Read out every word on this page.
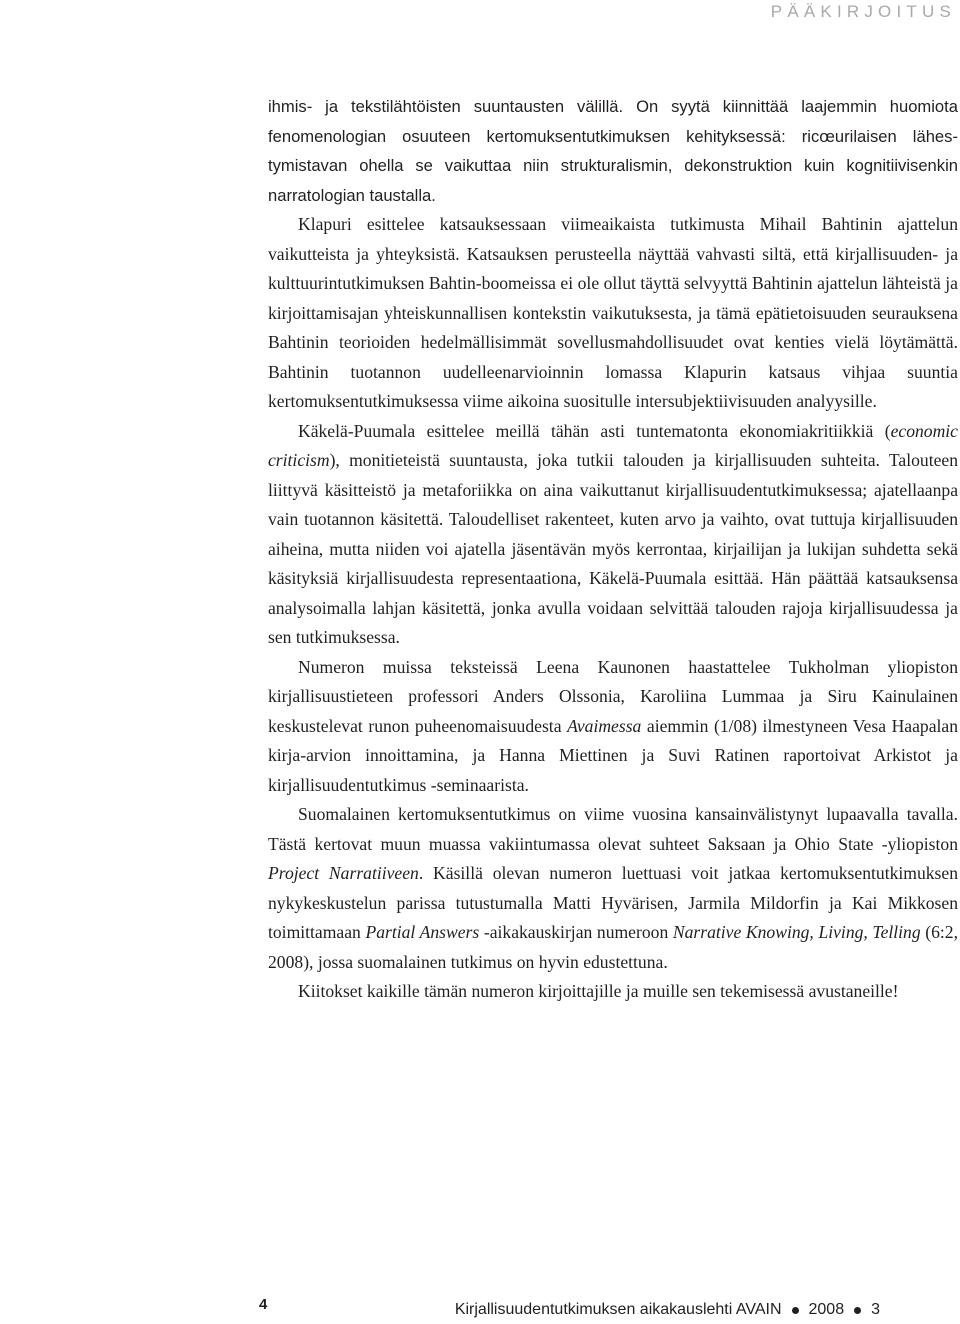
PÄÄKIRJOITUS

ihmis- ja tekstilähtöisten suuntausten välillä. On syytä kiinnittää laajemmin huomiota fenomenologian osuuteen kertomuksentutkimuksen kehityksessä: ricœurilaisen lähestymistavan ohella se vaikuttaa niin strukturalismin, dekonstruktion kuin kognitiivisenkin narratologian taustalla.

Klapuri esittelee katsauksessaan viimeaikaista tutkimusta Mihail Bahtinin ajattelun vaikutteista ja yhteyksistä. Katsauksen perusteella näyttää vahvasti siltä, että kirjallisuuden- ja kulttuurintutkimuksen Bahtin-boomeissa ei ole ollut täyttä selvyyttä Bahtinin ajattelun lähteistä ja kirjoittamisajan yhteiskunnallisen kontekstin vaikutuksesta, ja tämä epätietoisuuden seurauksena Bahtinin teorioiden hedelmällisimmät sovellusmahdollisuudet ovat kenties vielä löytämättä. Bahtinin tuotannon uudelleenarvioinnin lomassa Klapurin katsaus vihjaa suuntia kertomuksentutkimuksessa viime aikoina suositulle intersubjektiivisuuden analyysille.

Käkelä-Puumala esittelee meillä tähän asti tuntematonta ekonomiakritiikkiä (economic criticism), monitieteistä suuntausta, joka tutkii talouden ja kirjallisuuden suhteita. Talouteen liittyvä käsitteistö ja metaforiikka on aina vaikuttanut kirjallisuudentutkimuksessa; ajatellaanpa vain tuotannon käsitettä. Taloudelliset rakenteet, kuten arvo ja vaihto, ovat tuttuja kirjallisuuden aiheina, mutta niiden voi ajatella jäsentävän myös kerrontaa, kirjailijan ja lukijan suhdetta sekä käsityksiä kirjallisuudesta representaationa, Käkelä-Puumala esittää. Hän päättää katsauksensa analysoimalla lahjan käsitettä, jonka avulla voidaan selvittää talouden rajoja kirjallisuudessa ja sen tutkimuksessa.

Numeron muissa teksteissä Leena Kaunonen haastattelee Tukholman yliopiston kirjallisuustieteen professori Anders Olssonia, Karoliina Lummaa ja Siru Kainulainen keskustelevat runon puheenomaisuudesta Avaimessa aiemmin (1/08) ilmestyneen Vesa Haapalan kirja-arvion innoittamina, ja Hanna Miettinen ja Suvi Ratinen raportoivat Arkistot ja kirjallisuudentutkimus -seminaarista.

Suomalainen kertomuksentutkimus on viime vuosina kansainvälistynyt lupaavalla tavalla. Tästä kertovat muun muassa vakiintumassa olevat suhteet Saksaan ja Ohio State -yliopiston Project Narratiiveen. Käsillä olevan numeron luettuasi voit jatkaa kertomuksentutkimuksen nykykeskustelun parissa tutustumalla Matti Hyvärisen, Jarmila Mildorfin ja Kai Mikkosen toimittamaan Partial Answers -aikakauskirjan numeroon Narrative Knowing, Living, Telling (6:2, 2008), jossa suomalainen tutkimus on hyvin edustettuna.

Kiitokset kaikille tämän numeron kirjoittajille ja muille sen tekemisessä avustaneille!

4	Kirjallisuudentutkimuksen aikakauslehti AVAIN 2008 3
